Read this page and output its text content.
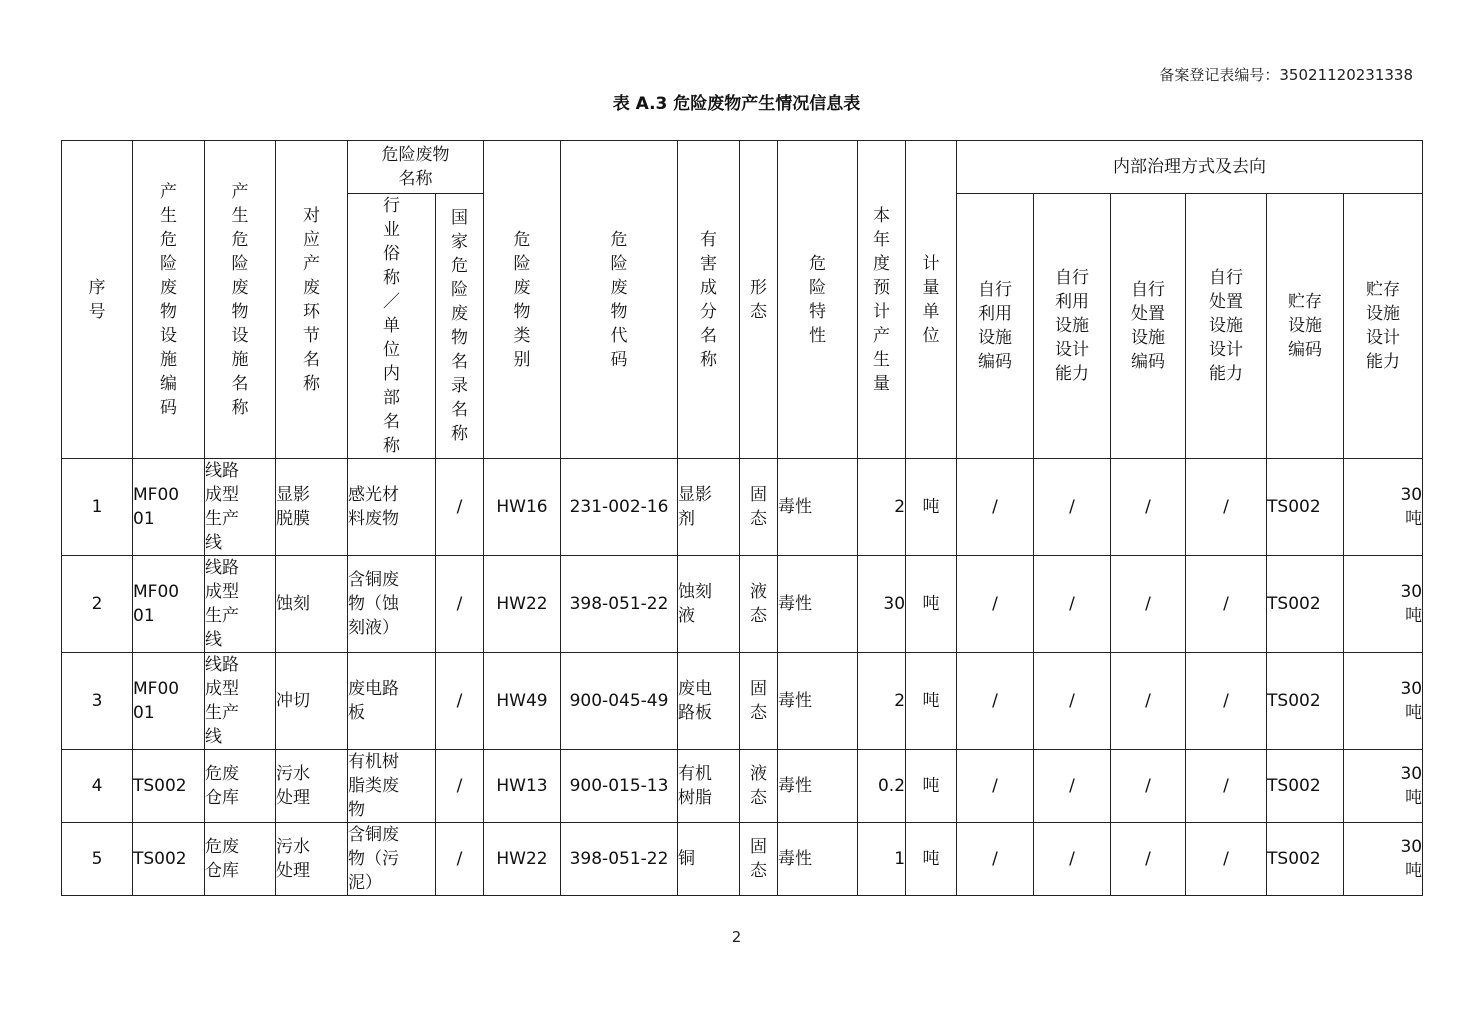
备案登记表编号：35021120231338
表 A.3 危险废物产生情况信息表
序号	产生危险废物设施编码	产生危险废物设施名称	对应产废环节名称	危险废物名称		危险废物类别	危险废物代码	有害成分名称	形态	危险特性	本年度预计产生量	计量单位	内部治理方式及去向					
				行业俗称／单位内部名称	国家危险废物名录名称								自行利用设施编码	自行利用设施设计能力	自行处置设施编码	自行处置设施设计能力	贮存设施编码	贮存设施设计能力
1	MF0001	线路成型生产线	显影脱膜	感光材料废物	/	HW16	231-002-16	显影剂	固态	毒性	2	吨	/	/	/	/	TS002	30吨
2	MF0001	线路成型生产线	蚀刻	含铜废物（蚀刻液）	/	HW22	398-051-22	蚀刻液	液态	毒性	30	吨	/	/	/	/	TS002	30吨
3	MF0001	线路成型生产线	冲切	废电路板	/	HW49	900-045-49	废电路板	固态	毒性	2	吨	/	/	/	/	TS002	30吨
4	TS002	危废仓库	污水处理	有机树脂类废物	/	HW13	900-015-13	有机树脂	液态	毒性	0.2	吨	/	/	/	/	TS002	30吨
5	TS002	危废仓库	污水处理	含铜废物（污泥）	/	HW22	398-051-22	铜	固态	毒性	1	吨	/	/	/	/	TS002	30吨
2
